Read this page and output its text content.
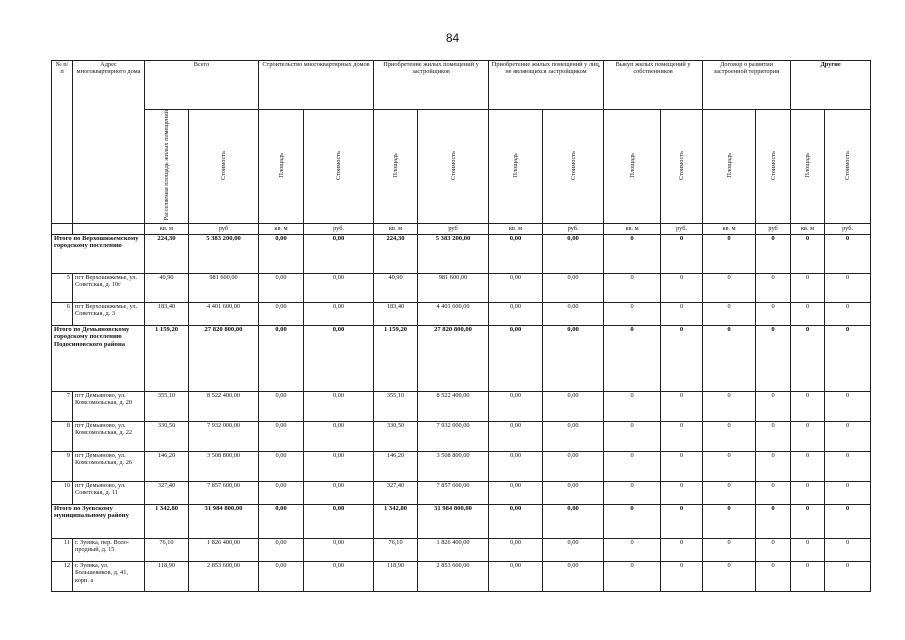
84
№ п/п	Адрес многоквартирного дома	Всего		Строительство многоквартирных домов		Приобретение жилых помещений у застройщиков		Приобретение жилых помещений у лиц, не являющихся застройщиком		Выкуп жилых помещений у собственников		Договор о развитии застроенной территории		Другие	
		Расселяемая площадь жилых помещений	Стоимость	Площадь	Стоимость	Площадь	Стоимость	Площадь	Стоимость	Площадь	Стоимость	Площадь	Стоимость	Площадь	Стоимость
		кв. м	руб	кв. м	руб.	кв. м	руб	кв. м	руб.	кв. м	руб.	кв. м	руб	кв. м	руб.
Итого по Верхошижемскому городскому поселению		224,30	5 383 200,00	0,00	0,00	224,30	5 383 200,00	0,00	0,00	0	0	0	0	0	0
5	пгт Верхошижемье, ул. Советская, д. 10г	40,90	981 600,00	0,00	0,00	40,90	981 600,00	0,00	0,00	0	0	0	0	0	0
6	пгт Верхошижемье, ул. Советская, д. 3	183,40	4 401 600,00	0,00	0,00	183,40	4 401 600,00	0,00	0,00	0	0	0	0	0	0
Итого по Демьяновскому городскому поселению Подосиновского района		1 159,20	27 820 800,00	0,00	0,00	1 159,20	27 820 800,00	0,00	0,00	0	0	0	0	0	0
7	пгт Демьяново, ул. Комсомольская, д. 20	355,10	8 522 400,00	0,00	0,00	355,10	8 522 400,00	0,00	0,00	0	0	0	0	0	0
8	пгт Демьяново, ул. Комсомольская, д. 22	330,50	7 932 000,00	0,00	0,00	330,50	7 932 000,00	0,00	0,00	0	0	0	0	0	0
9	пгт Демьяново, ул. Комсомольская, д. 26	146,20	3 508 800,00	0,00	0,00	146,20	3 508 800,00	0,00	0,00	0	0	0	0	0	0
10	пгт Демьяново, ул. Советская, д. 11	327,40	7 857 600,00	0,00	0,00	327,40	7 857 600,00	0,00	0,00	0	0	0	0	0	0
Итого по Зуевскому муниципальному району		1 342,80	31 984 800,00	0,00	0,00	1 342,80	31 984 800,00	0,00	0,00	0	0	0	0	0	0
11	г. Зуевка, пер. Воло-продный, д. 15	76,10	1 826 400,00	0,00	0,00	76,10	1 826 400,00	0,00	0,00	0	0	0	0	0	0
12	г. Зуевка, ул. Большевиков, д. 41, корп. а	118,90	2 853 600,00	0,00	0,00	118,90	2 853 600,00	0,00	0,00	0	0	0	0	0	0
